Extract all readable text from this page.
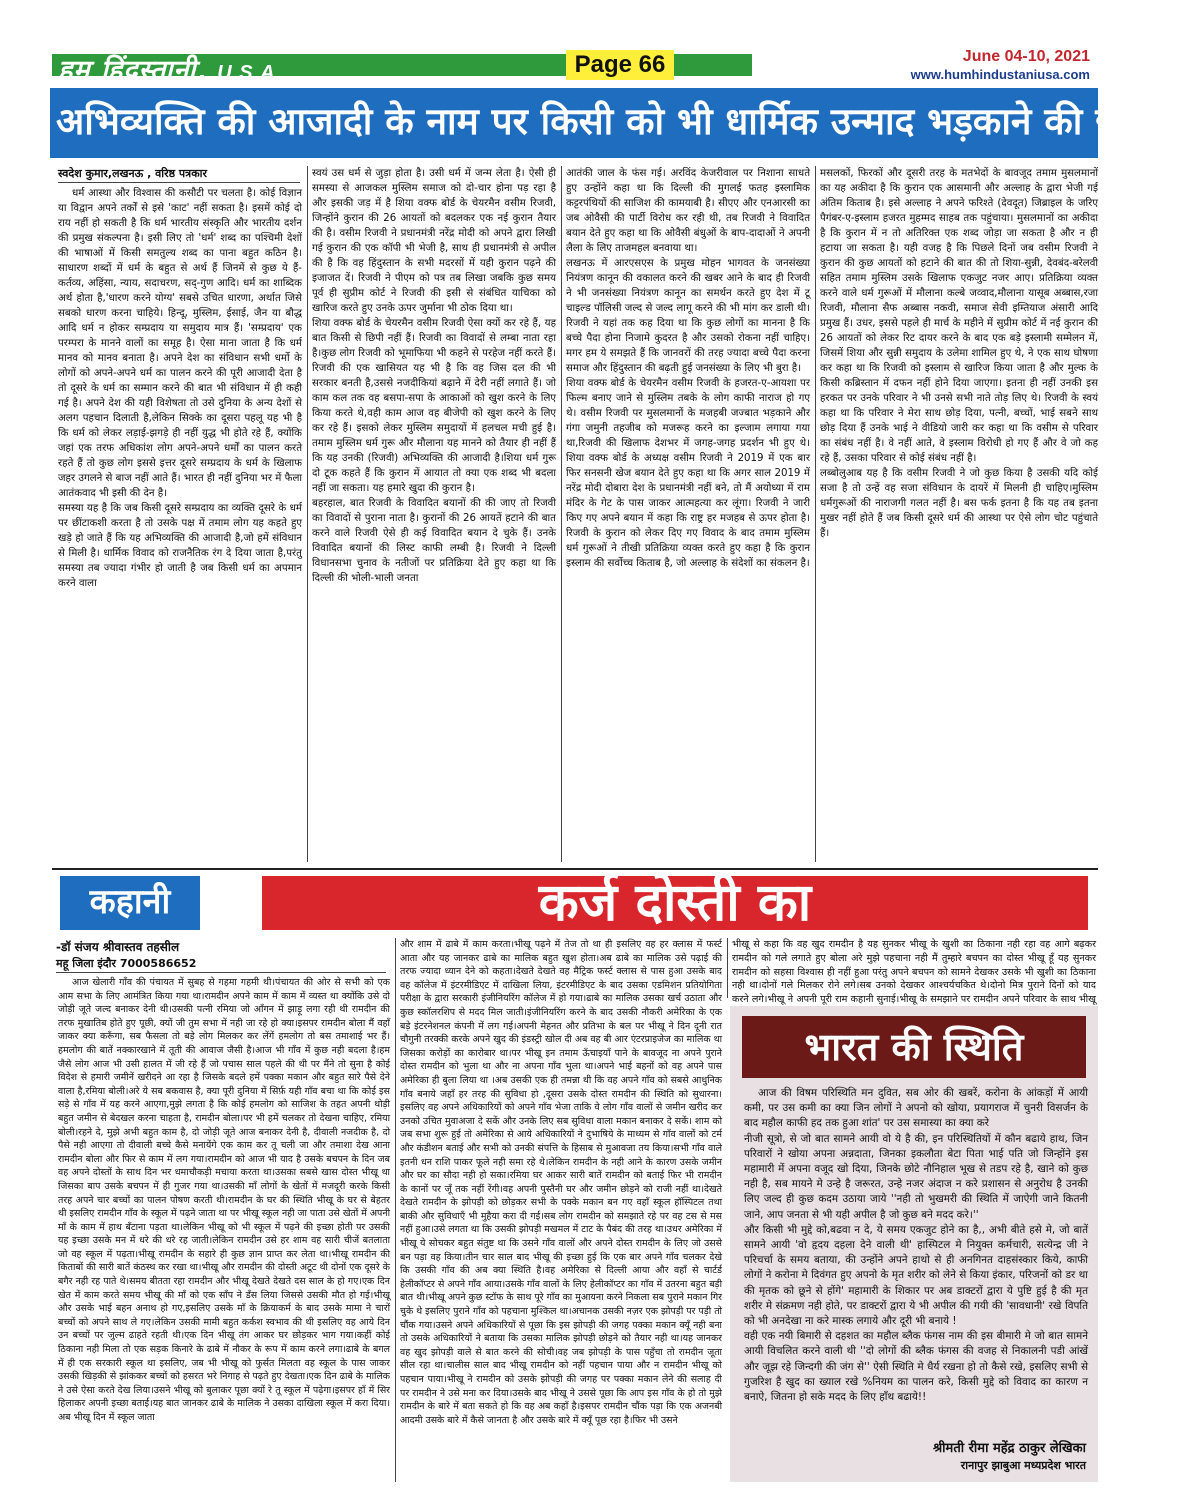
हम हिंदुस्तानी, U.S.A.	Page 66	June 04-10, 2021
www.humhindustaniusa.com
अभिव्यक्ति की आजादी के नाम पर किसी को भी धार्मिक उन्माद भड़काने की छूट नहीं
स्वदेश कुमार,लखनऊ , वरिष्ठ पत्रकार

धर्म आस्था और विश्वास की कसौटी पर चलता है। कोई विज्ञान या विद्वान अपने तर्कों से इसे 'काट' नहीं सकता है। इसमें कोई दो राय नहीं हो सकती है कि धर्म भारतीय संस्कृति और भारतीय दर्शन की प्रमुख संकल्पना है। इसी लिए तो 'धर्म' शब्द का पश्चिमी देशों की भाषाओं में किसी समतुल्य शब्द का पाना बहुत कठिन है। साधारण शब्दों में धर्म के बहुत से अर्थ हैं जिनमें से कुछ ये हैं- कर्तव्य, अहिंसा, न्याय, सदाचरण, सद्-गुण आदि। धर्म का शाब्दिक अर्थ होता है,'धारण करने योग्य' सबसे उचित धारणा, अर्थात जिसे सबको धारण करना चाहिये। हिन्दू, मुस्लिम, ईसाई, जैन या बौद्ध आदि धर्म न होकर सम्प्रदाय या समुदाय मात्र हैं। 'सम्प्रदाय' एक परम्परा के मानने वालों का समूह है। ऐसा माना जाता है कि धर्म मानव को मानव बनाता है। अपने देश का संविधान सभी धर्मो के लोगों को अपने-अपने धर्म का पालन करने की पूरी आजादी देता है तो दूसरे के धर्म का सम्मान करने की बात भी संविधान में ही कही गई है। अपने देश की यही विशेषता तो उसे दुनिया के अन्य देशों से अलग पहचान दिलाती है,लेकिन सिक्के का दूसरा पहलू यह भी है कि धर्म को लेकर लड़ाई-झगड़े ही नहीं युद्ध भी होते रहे हैं, क्योंकि जहां एक तरफ अधिकांश लोग अपने-अपने धर्मों का पालन करते रहते हैं तो कुछ लोग इससे इत्तर दूसरे सम्प्रदाय के धर्म के खिलाफ जहर उगलने से बाज नहीं आते हैं। भारत ही नहीं दुनिया भर में फैला आतंकवाद भी इसी की देन है।
समस्या यह है कि जब किसी दूसरे सम्प्रदाय का व्यक्ति दूसरे के धर्म पर छींटाकशी करता है तो उसके पक्ष में तमाम लोग यह कहते हुए खड़े हो जाते हैं कि यह अभिव्यक्ति की आजादी है,जो हमें संविधान से मिली है। धार्मिक विवाद को राजनैतिक रंग दे दिया जाता है,परंतु समस्या तब ज्यादा गंभीर हो जाती है जब किसी धर्म का अपमान करने वाला

स्वयं उस धर्म से जुड़ा होता है। उसी धर्म में जन्म लेता है। ऐसी ही समस्या से आजकल मुस्लिम समाज को दो-चार होना पड़ रहा है और इसकी जड़ में है शिया वक्फ बोर्ड के चेयरमैन वसीम रिजवी, जिन्होंने कुरान की 26 आयतों को बदलकर एक नई कुरान तैयार की है। वसीम रिजवी ने प्रधानमंत्री नरेंद्र मोदी को अपने द्वारा लिखी गई कुरान की एक कॉपी भी भेजी है, साथ ही प्रधानमंत्री से अपील की है कि वह हिंदुस्तान के सभी मदरसों में यही कुरान पढ़ने की इजाजत दें। रिजवी ने पीएम को पत्र तब लिखा जबकि कुछ समय पूर्व ही सुप्रीम कोर्ट ने रिजवी की इसी से संबंधित याचिका को खारिज करते हुए उनके ऊपर जुर्माना भी ठोक दिया था।
शिया वक्फ बोर्ड के चेयरमैन वसीम रिजवी ऐसा क्यों कर रहे हैं, यह बात किसी से छिपी नहीं हैं। रिजवी का विवादों से लम्बा नाता रहा है।कुछ लोग रिजवी को भूमाफिया भी कहने से परहेज नहीं करते हैं। रिजवी की एक खासियत यह भी है कि वह जिस दल की भी सरकार बनती है,उससे नजदीकियां बढ़ाने में देरी नहीं लगाते हैं। जो काम कल तक वह बसपा-सपा के आकाओं को खुश करने के लिए किया करते थे,वही काम आज वह बीजेपी को खुश करने के लिए कर रहे हैं। इसको लेकर मुस्लिम समुदायों में हलचल मची हुई है। तमाम मुस्लिम धर्म गुरू और मौलाना यह मानने को तैयार ही नहीं हैं कि यह उनकी (रिजवी) अभिव्यक्ति की आजादी है।शिया धर्म गुरू दो टूक कहते हैं कि कुरान में आयात तो क्या एक शब्द भी बदला नहीं जा सकता। यह हमारे खुदा की कुरान है।
बहरहाल, बात रिजवी के विवादित बयानों की की जाए तो रिजवी का विवादों से पुराना नाता है। कुरानों की 26 आयतें हटाने की बात करने वाले रिजवी ऐसे ही कई विवादित बयान दे चुके हैं। उनके विवादित बयानों की लिस्ट काफी लम्बी है। रिजवी ने दिल्ली विधानसभा चुनाव के नतीजों पर प्रतिक्रिया देते हुए कहा था कि दिल्ली की भोली-भाली जनता

आतंकी जाल के फंस गई। अरविंद केजरीवाल पर निशाना साधते हुए उन्होंने कहा था कि दिल्ली की मुगलई फतह इस्लामिक कट्टरपंथियों की साजिश की कामयाबी है। सीएए और एनआरसी का जब ओवैसी की पार्टी विरोध कर रही थी, तब रिजवी ने विवादित बयान देते हुए कहा था कि ओवैसी बंधुओं के बाप-दादाओं ने अपनी लैला के लिए ताजमहल बनवाया था।
लखनऊ में आरएसएस के प्रमुख मोहन भागवत के जनसंख्या नियंत्रण कानून की वकालत करने की खबर आने के बाद ही रिजवी ने भी जनसंख्या नियंत्रण कानून का समर्थन करते हुए देश में टू चाइल्ड पॉलिसी जल्द से जल्द लागू करने की भी मांग कर डाली थी। रिजवी ने यहां तक कह दिया था कि कुछ लोगों का मानना है कि बच्चे पैदा होना निजामे कुदरत है और उसको रोकना नहीं चाहिए। मगर हम ये समझते हैं कि जानवरों की तरह ज्यादा बच्चे पैदा करना समाज और हिंदुस्तान की बढ़ती हुई जनसंख्या के लिए भी बुरा है।
शिया वक्फ बोर्ड के चेयरमैन वसीम रिजवी के हजरत-ए-आयशा पर फिल्म बनाए जाने से मुस्लिम तबके के लोग काफी नाराज हो गए थे। वसीम रिजवी पर मुसलमानों के मजहबी जज्बात भड़काने और गंगा जमुनी तहजीब को मजरूह करने का इल्जाम लगाया गया था,रिजवी की खिलाफ देशभर में जगह-जगह प्रदर्शन भी हुए थे। शिया वक्फ बोर्ड के अध्यक्ष वसीम रिजवी ने 2019 में एक बार फिर सनसनी खेज बयान देते हुए कहा था कि अगर साल 2019 में नरेंद्र मोदी दोबारा देश के प्रधानमंत्री नहीं बने, तो मैं अयोध्या में राम मंदिर के गेट के पास जाकर आत्महत्या कर लूंगा। रिजवी ने जारी किए गए अपने बयान में कहा कि राष्ट्र हर मजहब से ऊपर होता है। रिजवी के कुरान को लेकर दिए गए विवाद के बाद तमाम मुस्लिम धर्म गुरूओं ने तीखी प्रतिक्रिया व्यक्त करते हुए कहा है कि कुरान इस्लाम की सर्वोच्च किताब है, जो अल्लाह के संदेशों का संकलन है।

मसलकों, फिरकों और दूसरी तरह के मतभेदों के बावजूद तमाम मुसलमानों का यह अकीदा है कि कुरान एक आसमानी और अल्लाह के द्वारा भेजी गई अंतिम किताब है। इसे अल्लाह ने अपने फरिश्ते (देवदूत) जिब्राइल के जरिए पैगंबर-ए-इस्लाम हजरत मुहम्मद साहब तक पहुंचाया। मुसलमानों का अकीदा है कि कुरान में न तो अतिरिक्त एक शब्द जोड़ा जा सकता है और न ही हटाया जा सकता है। यही वजह है कि पिछले दिनों जब वसीम रिजवी ने कुरान की कुछ आयतों को हटाने की बात की तो शिया-सुन्नी, देवबंद-बरेलवी सहित तमाम मुस्लिम उसके खिलाफ एकजुट नजर आए। प्रतिक्रिया व्यक्त करने वाले धर्म गुरूओं में मौलाना कल्बे जव्वाद,मौलाना यासूब अब्बास,रजा रिजवी, मौलाना सैफ अब्बास नकवी, समाज सेवी इम्तियाज अंसारी आदि प्रमुख हैं। उधर, इससे पहले ही मार्च के महीने में सुप्रीम कोर्ट में नई कुरान की 26 आयतों को लेकर रिट दायर करने के बाद एक बड़े इस्लामी सम्मेलन में, जिसमें शिया और सुन्नी समुदाय के उलेमा शामिल हुए थे, ने एक साथ घोषणा कर कहा था कि रिजवी को इस्लाम से खारिज किया जाता है और मुल्क के किसी कब्रिस्तान में दफन नहीं होने दिया जाएगा। इतना ही नहीं उनकी इस हरकत पर उनके परिवार ने भी उनसे सभी नाते तोड़ लिए थे। रिजवी के स्वयं कहा था कि परिवार ने मेरा साथ छोड़ दिया, पत्नी, बच्चों, भाई सबने साथ छोड़ दिया हैं उनके भाई ने वीडियो जारी कर कहा था कि वसीम से परिवार का संबंध नहीं है। वे नहीं आते, वे इस्लाम विरोधी हो गए हैं और वे जो कह रहे हैं, उसका परिवार से कोई संबंध नहीं है।
लब्बोलुआब यह है कि वसीम रिजवी ने जो कुछ किया है उसकी यदि कोई सजा है तो उन्हें वह सजा संविधान के दायरें में मिलनी ही चाहिए।मुस्लिम धर्मगुरूओं की नाराजगी गलत नहीं है। बस फर्क इतना है कि यह तब इतना मुखर नहीं होते हैं जब किसी दूसरे धर्म की आस्था पर ऐसे लोग चोट पहुंचाते हैं।

कहानी	कर्ज दोस्ती का
-डॉ संजय श्रीवास्तव तहसील
महू जिला इंदौर 7000586652

आज खेलारी गाँव की पंचायत में सुबह से गहमा गहमी थी।पंचायत की ओर से सभी को एक आम सभा के लिए आमंत्रित किया गया था।रामदीन अपने काम में काम में व्यस्त था क्योंकि उसे दो जोड़ी जूते जल्द बनाकर देनी थी।उसकी पत्नी रमिया जो आँगन में झाड़ू लगा रही थी रामदीन की तरफ मुखातिब होते हुए पूछी, क्यों जी तुम सभा में नही जा रहे हो क्या।इसपर रामदीन बोला मैं वहाँ जाकर क्या करूँगा, सब फैसला तो बड़े लोग मिलकर कर लेंगें हमलोग तो बस तमाशाई भर हैं।हमलोग की बातें नक्कारखाने में तूती की आवाज जैसी है।आज भी गाँव में कुछ नही बदला है।हम जैसे लोग आज भी उसी हालत में जी रहे हैं जो पचास साल पहले की थी पर मैंने तो सुना है कोई विदेश से हमारी जमीनें खरीदने आ रहा है जिसके बदले हमें पक्का मकान और बहुत सारे पैसे देने वाला है,रमिया बोली।अरे ये सब बकवास है, क्या पूरी दुनिया में सिर्फ़ यही गाँव बचा था कि कोई इस सड़े से गाँव में यह करने आएगा,मुझे लगता है कि कोई हमलोग को साजिश के तहत अपनी थोड़ी बहुत जमीन से बेदखल करना चाहता है, रामदीन बोला।पर भी हमें चलकर तो देखना चाहिए, रमिया बोली।रहने दे, मुझे अभी बहुत काम है, दो जोड़ी जूते आज बनाकर देनी है, दीवाली नजदीक है, दो पैसे नही आएगा तो दीवाली बच्चे कैसे मनायेंगे एक काम कर तू चली जा और तमाशा देख आना रामदीन बोला और फिर से काम में लग गया।रामदीन को आज भी याद है उसके बचपन के दिन जब वह अपने दोस्तों के साथ दिन भर धमाचौकड़ी मचाया करता था।उसका सबसे खास दोस्त भीखू था जिसका बाप उसके बचपन में ही गुजर गया था।उसकी माँ लोगों के खेतों में मजदूरी करके किसी तरह अपने चार बच्चों का पालन पोषण करती थी।रामदीन के घर की स्थिति भीखू के घर से बेहतर थी इसलिए रामदीन गाँव के स्कूल में पढ़ने जाता था पर भीखू स्कूल नही जा पाता उसे खेतों में अपनी माँ के काम में हाथ बँटाना पड़ता था।लेकिन भीखू को भी स्कूल में पढ़ने की इच्छा होती पर उसकी यह इच्छा उसके मन में धरे की धरे रह जाती।लेकिन रामदीन उसे हर शाम वह सारी चीजें बतलाता जो वह स्कूल में पढ़ता।भीखू रामदीन के सहारे ही कुछ ज्ञान प्राप्त कर लेता था।भीखू रामदीन की किताबों की सारी बातें कंठस्थ कर रखा था।भीखू और रामदीन की दोस्ती अटूट थी दोनों एक दूसरे के बगैर नही रह पाते थे।समय बीतता रहा रामदीन और भीखू देखते देखते दस साल के हो गए।एक दिन खेत में काम करते समय भीखू की माँ को एक साँप ने डँस लिया जिससे उसकी मौत हो गई।भीखू और उसके भाई बहन अनाथ हो गए,इसलिए उसके माँ के क्रियाकर्म के बाद उसके मामा ने चारों बच्चों को अपने साथ ले गए।लेकिन उसकी मामी बहुत कर्कश स्वभाव की थी इसलिए वह आये दिन उन बच्चों पर जुल्म ढाहते रहती थी।एक दिन भीखू तंग आकर घर छोड़कर भाग गया।कहीं कोई ठिकाना नही मिला तो एक सड़क किनारे के ढाबे में नौकर के रूप में काम करने लगा।ढाबे के बगल में ही एक सरकारी स्कूल था इसलिए, जब भी भीखू को फुर्सत मिलता वह स्कूल के पास जाकर उसकी खिड़की से झांककर बच्चों को हसरत भरे निगाह से पढ़ते हुए देखता।एक दिन ढाबे के मालिक ने उसे ऐसा करते देख लिया।उसने भीखू को बुलाकर पूछा क्यों रे तू स्कूल में पढ़ेगा।इसपर हाँ में सिर हिलाकर अपनी इच्छा बताई।यह बात जानकर ढाबे के मालिक ने उसका दाखिला स्कूल में करा दिया।अब भीखू दिन में स्कूल जाता

और शाम में ढाबे में काम करता।भीखू पढ़ने में तेज तो था ही इसलिए वह हर क्लास में फर्स्ट आता और यह जानकर ढाबे का मालिक बहुत खुश होता।अब ढाबे का मालिक उसे पढ़ाई की तरफ ज्यादा ध्यान देने को कहता।देखते देखते वह मैट्रिक फर्स्ट क्लास से पास हुआ उसके बाद वह कॉलेज में इंटरमीडिएट में दाखिला लिया, इंटरमीडिएट के बाद उसका एडमिशन प्रतियोगिता परीक्षा के द्वारा सरकारी इंजीनियरिंग कॉलेज में हो गया।ढाबे का मालिक उसका खर्च उठाता और कुछ स्कॉलरशिप से मदद मिल जाती।इंजीनियरिंग करने के बाद उसकी नौकरी अमेरिका के एक बड़े इंटरनेशनल कंपनी में लग गई।अपनी मेहनत और प्रतिभा के बल पर भीखू ने दिन दूनी रात चौगुनी तरक्की करके अपने खुद की इंडस्ट्री खोल दी अब वह बी आर एंटरप्राइजेज का मालिक था जिसका करोड़ों का कारोबार था।पर भीखू इन तमाम ऊँचाइयाँ पाने के बावजूद ना अपने पुराने दोस्त रामदीन को भुला था और ना अपना गाँव भुला था।अपने भाई बहनों को वह अपने पास अमेरिका ही बुला लिया था ।अब उसकी एक ही तमन्ना थी कि वह अपने गाँव को सबसे आधुनिक गाँव बनाये जहाँ हर तरह की सुविधा हो ,दूसरा उसके दोस्त रामदीन की स्थिति को सुधारना।इसलिए वह अपने अधिकारियों को अपने गाँव भेजा ताकि वे लोग गाँव वालों से जमीन खरीद कर उनको उचित मुवाअजा दे सकें और उनके लिए सब सुविधा वाला मकान बनाकर दे सकें। शाम को जब सभा शुरू हुई तो अमेरिका से आये अधिकारियों ने दुभाषिये के माध्यम से गाँव वालों को टर्म और कंडीशन बताई और सभी को उनकी संपत्ति के हिसाब से मुआवजा तय किया।सभी गाँव वाले इतनी धन राशि पाकर फूले नही समा रहे थे।लेकिन रामदीन के नही आने के कारण उसके जमीन और घर का सौदा नही हो सका।रमिया घर आकर सारी बातें रामदीन को बताई फिर भी रामदीन के कानों पर जूँ तक नहीं रेंगी।वह अपनी पुस्तैनी घर और जमीन छोड़ने को राजी नहीं था।देखते देखते रामदीन के झोपड़ी को छोड़कर सभी के पक्के मकान बन गए वहाँ स्कूल हॉस्पिटल तथा बाकी और सुविधाएँ भी मुहैया करा दी गई।सब लोग रामदीन को समझाते रहे पर वह टस से मस नहीं हुआ।उसे लगता था कि उसकी झोपड़ी मखमल में टाट के पैबंद की तरह था।उधर अमेरिका में भीखू ये सोचकर बहुत संतुष्ट था कि उसने गाँव वालों और अपने दोस्त रामदीन के लिए जो उससे बन पड़ा वह किया।तीन चार साल बाद भीखू की इच्छा हुई कि एक बार अपने गाँव चलकर देखे कि उसकी गाँव की अब क्या स्थिति है।वह अमेरिका से दिल्ली आया और वहाँ से चार्टर्ड हेलीकॉप्टर से अपने गाँव आया।उसके गाँव वालों के लिए हेलीकॉप्टर का गाँव में उतरना बहुत बड़ी बात थी।भीखू अपने कुछ स्टॉफ के साथ पूरे गाँव का मुआयना करने निकला सब पुराने मकान गिर चुके थे इसलिए पुराने गाँव को पहचाना मुश्किल था।अचानक उसकी नज़र एक झोपड़ी पर पड़ी तो चौंक गया।उसने अपने अधिकारियों से पूछा कि इस झोपड़ी की जगह पक्का मकान क्यूँ नही बना तो उसके अधिकारियों ने बताया कि उसका मालिक झोपड़ी छोड़ने को तैयार नही था।यह जानकर वह खुद झोपड़ी वाले से बात करने की सोची।वह जब झोपड़ी के पास पहुँचा तो रामदीन जूता सील रहा था।चालीस साल बाद भीखू रामदीन को नहीं पहचान पाया और न रामदीन भीखू को पहचान पाया।भीखू ने रामदीन को उसके झोपड़ी की जगह पर पक्का मकान लेने की सलाह दी पर रामदीन ने उसे मना कर दिया।उसके बाद भीखू ने उससे पूछा कि आप इस गाँव के हो तो मुझे रामदीन के बारे में बता सकते हो कि वह अब कहाँ है।इसपर रामदीन चौंक पड़ा कि एक अजनबी आदमी उसके बारे में कैसे जानता है और उसके बारे में क्यूँ पूछ रहा है।फिर भी उसने

भीखू से कहा कि वह खुद रामदीन है यह सुनकर भीखू के खुशी का ठिकाना नही रहा वह आगे बढ़कर रामदीन को गले लगाते हुए बोला अरे मुझे पहचाना नही मैं तुम्हारे बचपन का दोस्त भीखू हूँ यह सुनकर रामदीन को सहसा विश्वास ही नहीं हुआ परंतु अपने बचपन को सामने देखकर उसके भी खुशी का ठिकाना नही था।दोनों गले मिलकर रोने लगे।सब उनको देखकर आश्चर्यचकित थे।दोनो मित्र पुराने दिनों को याद करने लगे।भीखू ने अपनी पूरी राम कहानी सुनाई।भीखू के समझाने पर रामदीन अपने परिवार के साथ भीखू

भारत की स्थिति

आज की विषम परिस्थिति मन दुवित, सब ओर की खबरें, करोना के आंकड़ों में आयी कमी, पर उस कमी का क्या जिन लोगों ने अपनो को खोया, प्रयागराज में चुनरी विसर्जन के बाद महौल काफी हद तक हुआ शांत' पर उस समास्या का क्या करे
नीजी सूत्रो, से जो बात सामने आयी वो ये है की, इन परिस्थितियों में कौन बढाये हाथ, जिन परिवारों ने खोया अपना अन्नदाता, जिनका इकलौता बेटा पिता भाई पति जो जिन्होंने इस महामारी में अपना वजूद खो दिया, जिनके छोटे नौनिहाल भूख से तडप रहे है, खाने को कुछ नही है, सब मायने मे उन्हे है जरूरत, उन्हे नजर अंदाज न करे प्रशासन से अनुरोध है उनकी लिए जल्द ही कुछ कदम उठाया जाये ''नही तो भुखमरी की स्थिति में जाऐगी जाने कितनी जाने, आप जनता से भी यही अपील है जो कुछ बने मदद करे।''
और किसी भी मुद्दे को,बढवा न दे, ये समय एकजुट होने का है,, अभी बीते हसे मे, जो बातें सामने आयी 'वो हृदय दहला देने वाली थी' हास्पिटल मे नियुक्त कर्मचारी, सत्येन्द्र जी ने परिचर्चा के समय बताया, की उन्होंने अपने हाथो से ही अनगिनत दाहसंस्कार किये, काफी लोगों ने करोना मे दिवंगत हुए अपनो के मृत शरीर को लेने से किया इंकार, परिजनों को डर था की मृतक को छूने से होंगे' महामारी के शिकार पर अब डाक्टरों द्वारा ये पुष्टि हुई है की मृत शरीर मे संक्रमण नही होते, पर डाक्टरों द्वारा ये भी अपील की गयी की 'सावधानी' रखे विपति को भी अनदेखा ना करे मास्क लगाये और दूरी भी बनाये !
वही एक नयी बिमारी से दहशत का महौल ब्लैक फंगस नाम की इस बीमारी मे जो बात सामने आयी विचलित करने वाली थी ''दो लोगों की ब्लैक फंगस की वजह से निकालनी पडी आंखें और जूझ रहे जिन्दगी की जंग से'' ऐसी स्थिति मे धैर्य रखना हो तो कैसे रखे, इसलिए सभी से गुजरिश है खुद का ख्याल रखे %नियम का पालन करे, किसी मुद्दे को विवाद का कारण न बनाऐ, जितना हो सके मदद के लिए हाँथ बढाये!!

श्रीमती रीमा महेंद्र ठाकुर लेखिका
रानापुर झाबुआ मध्यप्रदेश भारत
